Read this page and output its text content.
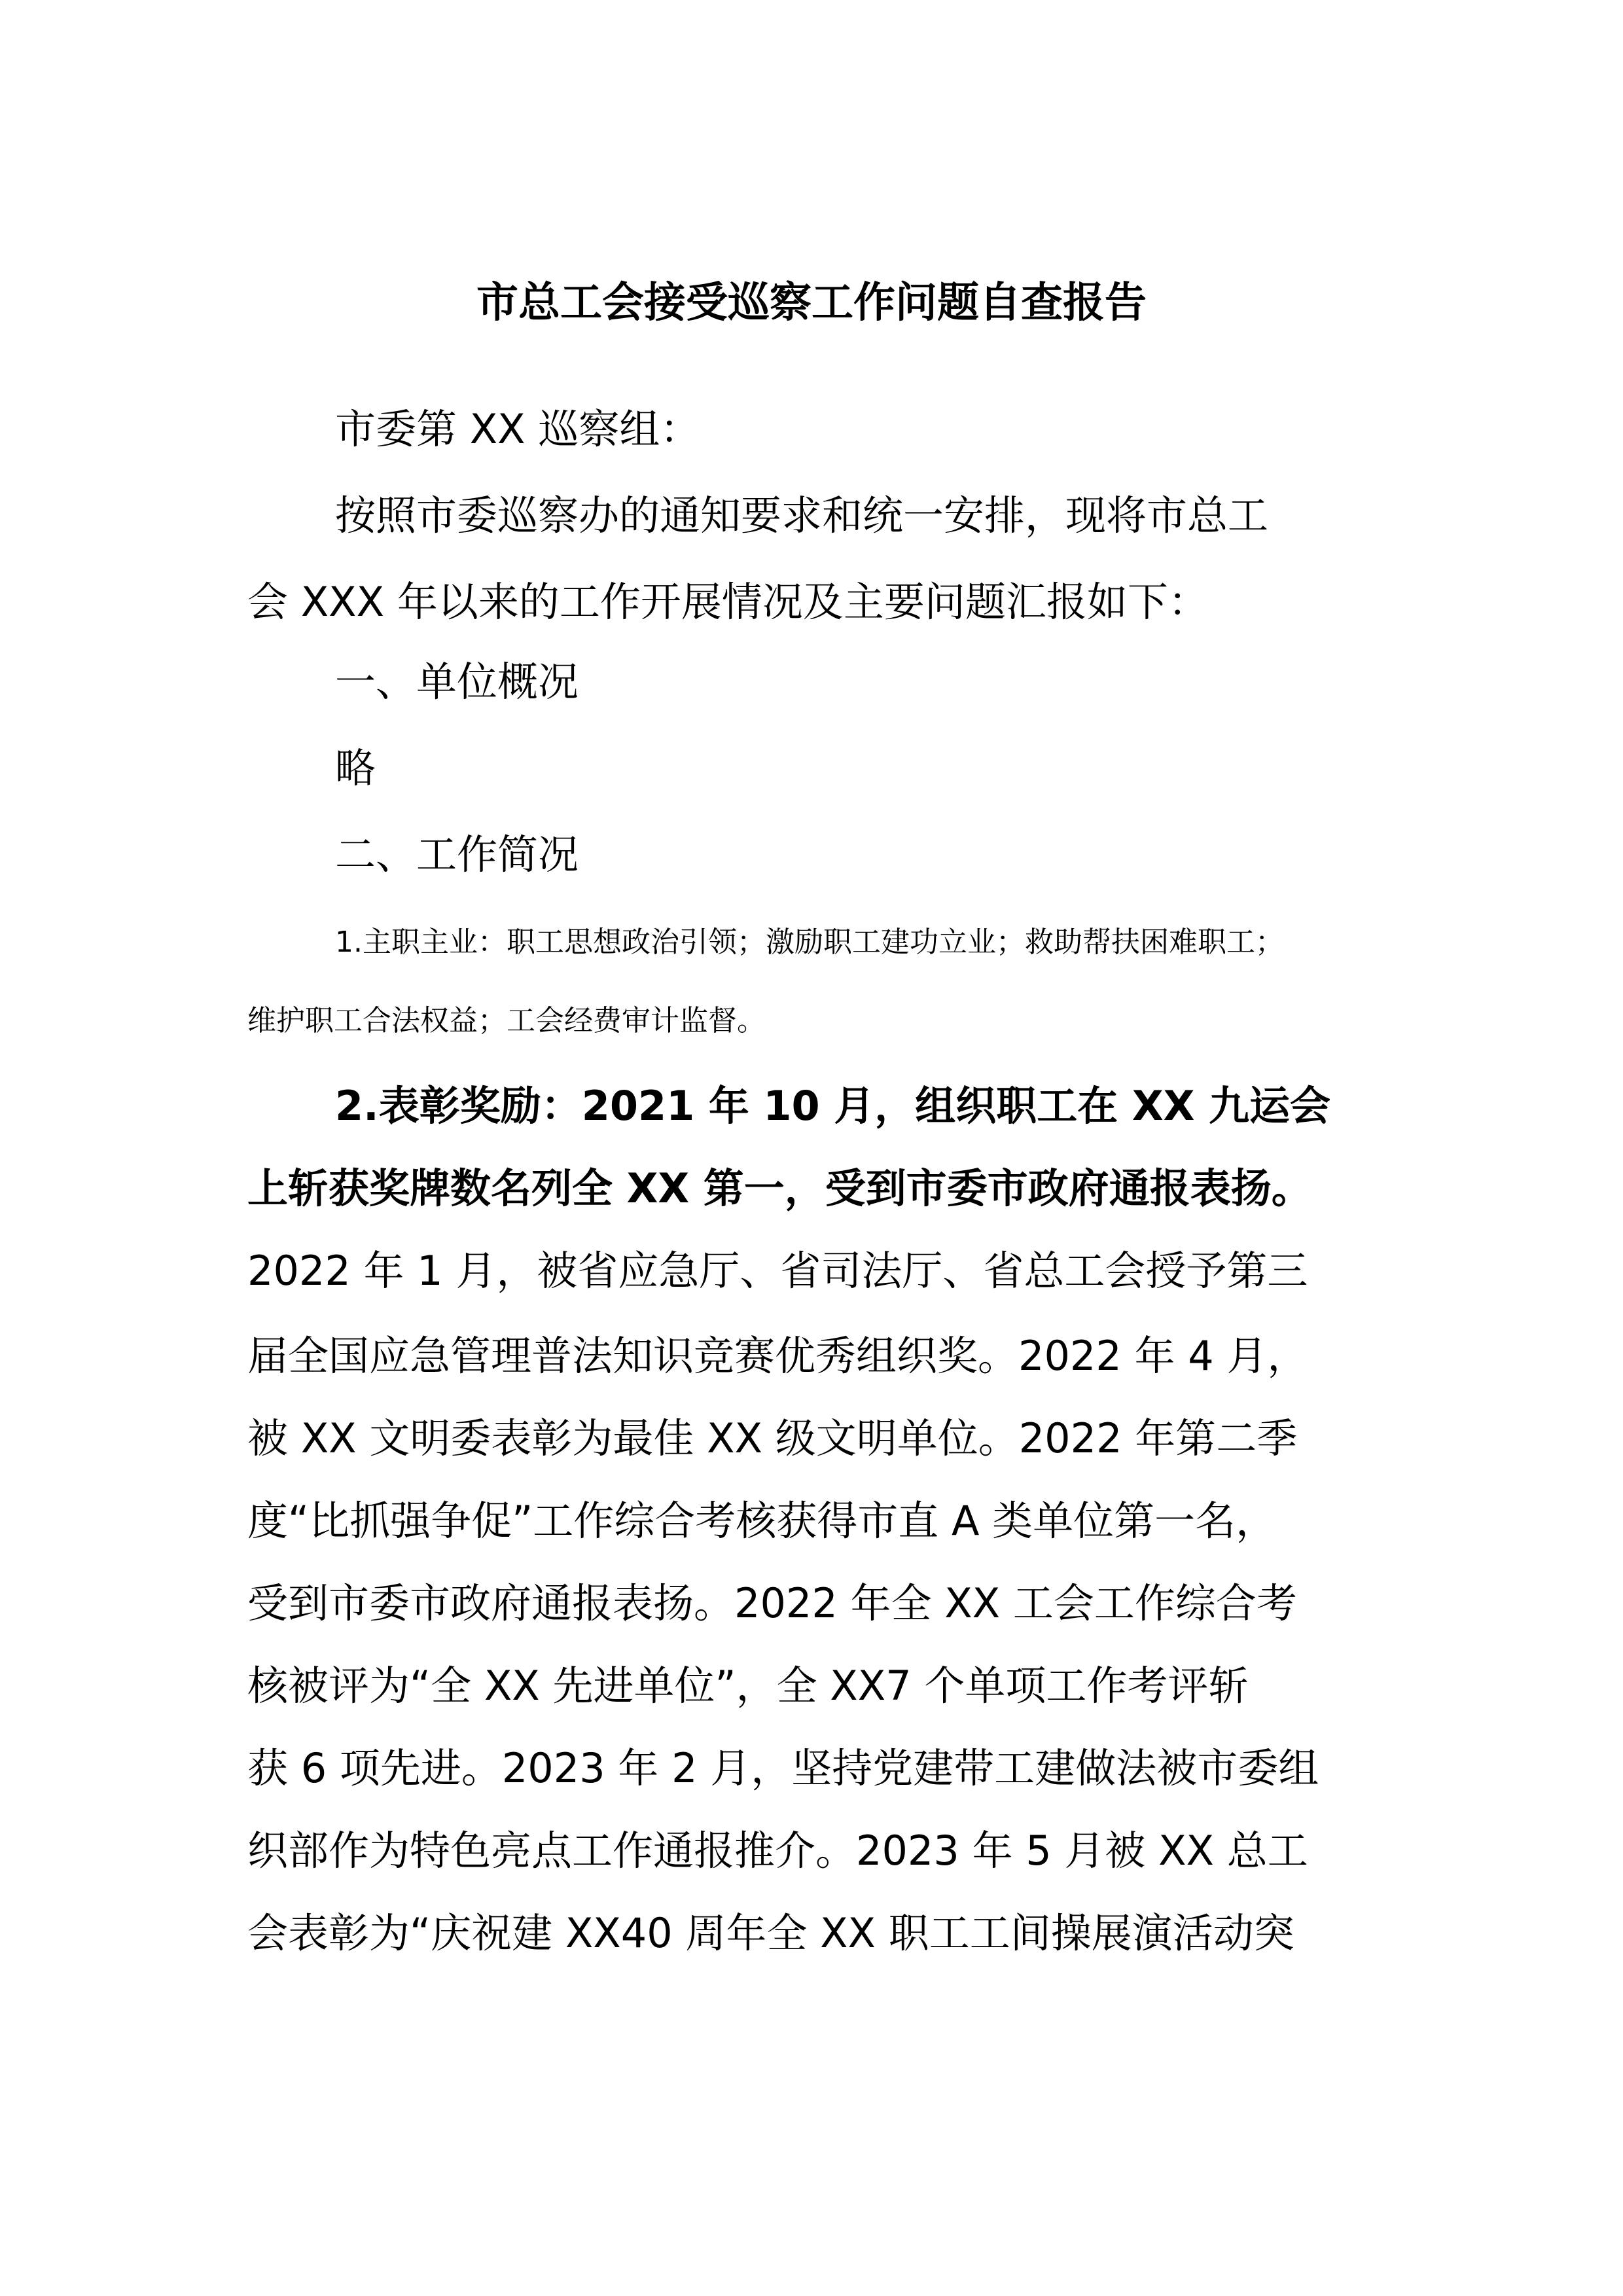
市总工会接受巡察工作问题自查报告

市委第 XX 巡察组：

按照市委巡察办的通知要求和统一安排，现将市总工

会 XXX 年以来的工作开展情况及主要问题汇报如下：

一、单位概况

略

二、工作简况

1.主职主业：职工思想政治引领；激励职工建功立业；救助帮扶困难职工；

维护职工合法权益；工会经费审计监督。

2.表彰奖励：2021 年 10 月，组织职工在 XX 九运会

上斩获奖牌数名列全 XX 第一，受到市委市政府通报表扬。

2022 年 1 月，被省应急厅、省司法厅、省总工会授予第三

届全国应急管理普法知识竞赛优秀组织奖。2022 年 4 月，

被 XX 文明委表彰为最佳 XX 级文明单位。2022 年第二季

度“比抓强争促”工作综合考核获得市直 A 类单位第一名，

受到市委市政府通报表扬。2022 年全 XX 工会工作综合考

核被评为“全 XX 先进单位”，全 XX7 个单项工作考评斩

获 6 项先进。2023 年 2 月，坚持党建带工建做法被市委组

织部作为特色亮点工作通报推介。2023 年 5 月被 XX 总工

会表彰为“庆祝建 XX40 周年全 XX 职工工间操展演活动突
